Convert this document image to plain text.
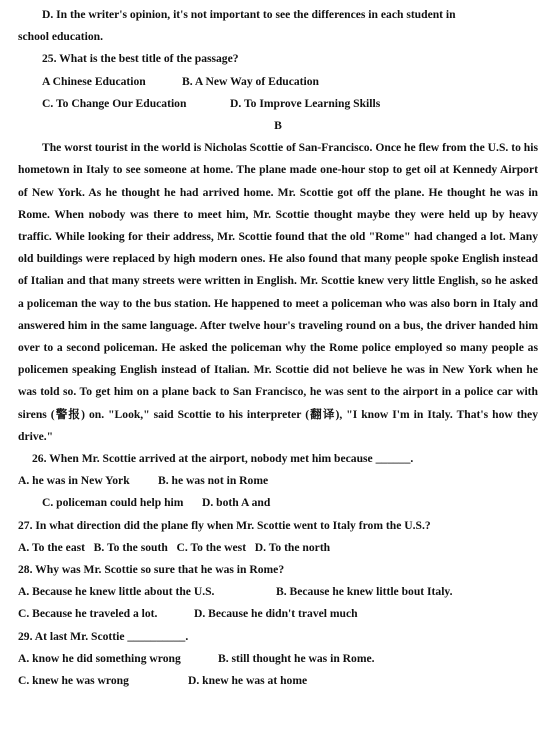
D. In the writer's opinion, it's not important to see the differences in each student in
school education.
25. What is the best title of the passage?
A Chinese Education	B. A New Way of Education
C. To Change Our Education	D. To Improve Learning Skills
B
The worst tourist in the world is Nicholas Scottie of San-Francisco. Once he flew from the U.S. to his hometown in Italy to see someone at home. The plane made one-hour stop to get oil at Kennedy Airport of New York. As he thought he had arrived home. Mr. Scottie got off the plane. He thought he was in Rome. When nobody was there to meet him, Mr. Scottie thought maybe they were held up by heavy traffic. While looking for their address, Mr. Scottie found that the old "Rome" had changed a lot. Many old buildings were replaced by high modern ones. He also found that many people spoke English instead of Italian and that many streets were written in English. Mr. Scottie knew very little English, so he asked a policeman the way to the bus station. He happened to meet a policeman who was also born in Italy and answered him in the same language. After twelve hour's traveling round on a bus, the driver handed him over to a second policeman. He asked the policeman why the Rome police employed so many people as policemen speaking English instead of Italian. Mr. Scottie did not believe he was in New York when he was told so. To get him on a plane back to San Francisco, he was sent to the airport in a police car with sirens (警报) on. "Look," said Scottie to his interpreter (翻译), "I know I'm in Italy. That's how they drive."
26. When Mr. Scottie arrived at the airport, nobody met him because ______.
A. he was in New York B. he was not in Rome
C. policeman could help him D. both A and
27. In what direction did the plane fly when Mr. Scottie went to Italy from the U.S.?
A. To the east   B. To the south   C. To the west   D. To the north
28. Why was Mr. Scottie so sure that he was in Rome?
A. Because he knew little about the U.S.	B. Because he knew little bout Italy.
C. Because he traveled a lot.	D. Because he didn't travel much
29. At last Mr. Scottie __________.
A. know he did something wrong	B. still thought he was in Rome.
C. knew he was wrong	D. knew he was at home
